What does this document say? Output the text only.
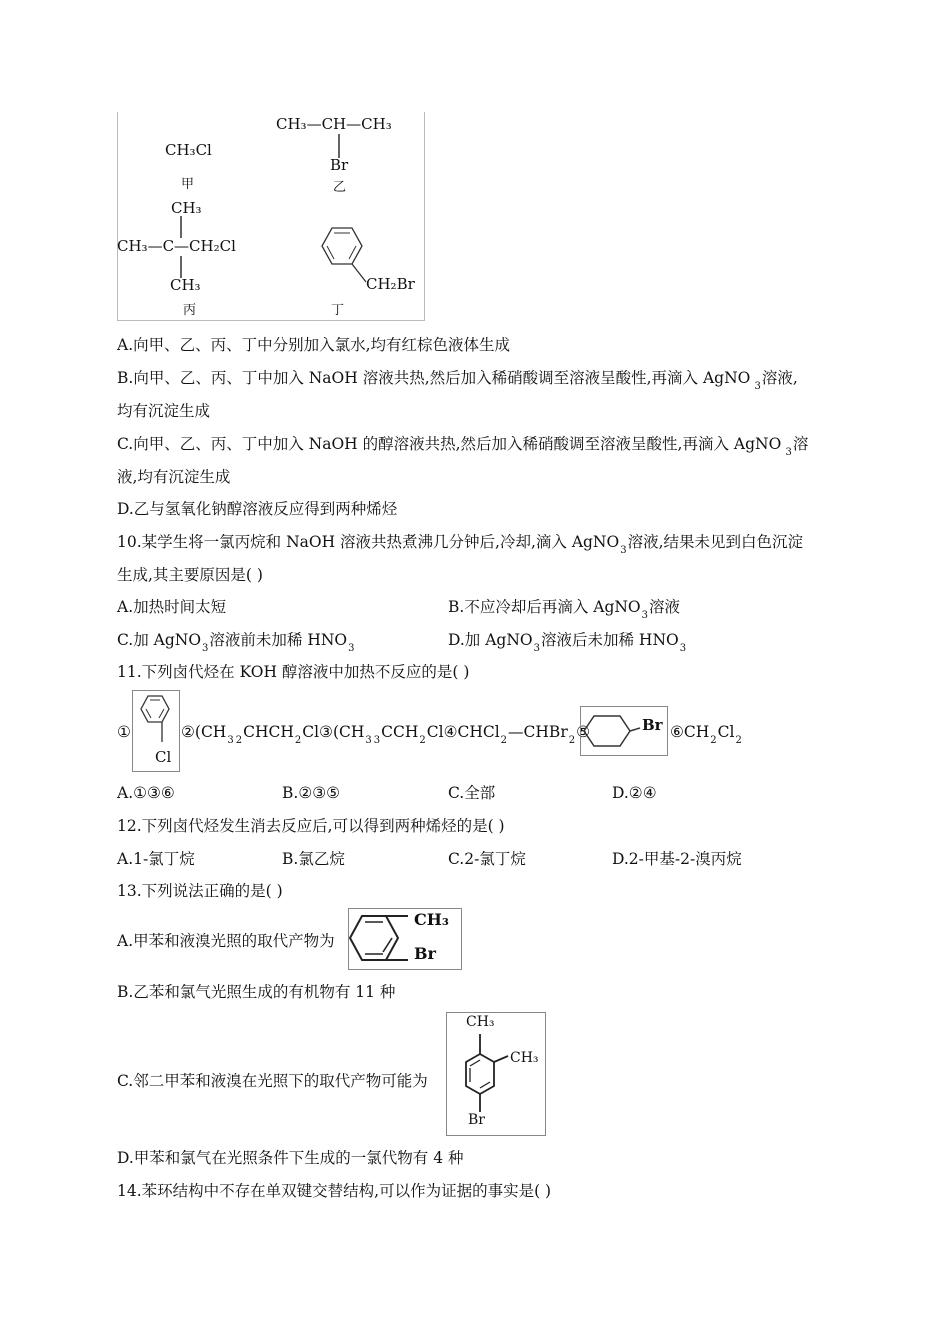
CH₃Cl
甲
CH₃—CH—CH₃
Br
乙
CH₃
CH₃—C—CH₂Cl
CH₃
丙
CH₂Br
丁
A.向甲、乙、丙、丁中分别加入氯水,均有红棕色液体生成
B.向甲、乙、丙、丁中加入 NaOH 溶液共热,然后加入稀硝酸调至溶液呈酸性,再滴入 AgNO $_3$溶液,
均有沉淀生成
C.向甲、乙、丙、丁中加入 NaOH 的醇溶液共热,然后加入稀硝酸调至溶液呈酸性,再滴入 AgNO $_3$溶
液,均有沉淀生成
D.乙与氢氧化钠醇溶液反应得到两种烯烃
10.某学生将一氯丙烷和 NaOH 溶液共热煮沸几分钟后,冷却,滴入 AgNO$_3$溶液,结果未见到白色沉淀
生成,其主要原因是( )
A.加热时间太短	B.不应冷却后再滴入 AgNO$_3$溶液
C.加 AgNO$_3$溶液前未加稀 $HNO_3$	D.加 AgNO$_3$溶液后未加稀 $HNO_3$
11.下列卤代烃在 KOH 醇溶液中加热不反应的是( )
①
Cl
$②(CH_3$ $_2CHCH_2Cl③(CH_3$ $_3CCH_2Cl④CHCl_2—CHBr_2⑤$	Br $⑥CH_2Cl_2$
A.①③⑥	B.②③⑤	C.全部	D.②④
12.下列卤代烃发生消去反应后,可以得到两种烯烃的是( )
A.1-氯丁烷	B.氯乙烷	C.2-氯丁烷	D.2-甲基-2-溴丙烷
13.下列说法正确的是( )
A.甲苯和液溴光照的取代产物为
CH₃
Br
B.乙苯和氯气光照生成的有机物有 11 种
C.邻二甲苯和液溴在光照下的取代产物可能为
CH₃
CH₃
Br
D.甲苯和氯气在光照条件下生成的一氯代物有 4 种
14.苯环结构中不存在单双键交替结构,可以作为证据的事实是( )
